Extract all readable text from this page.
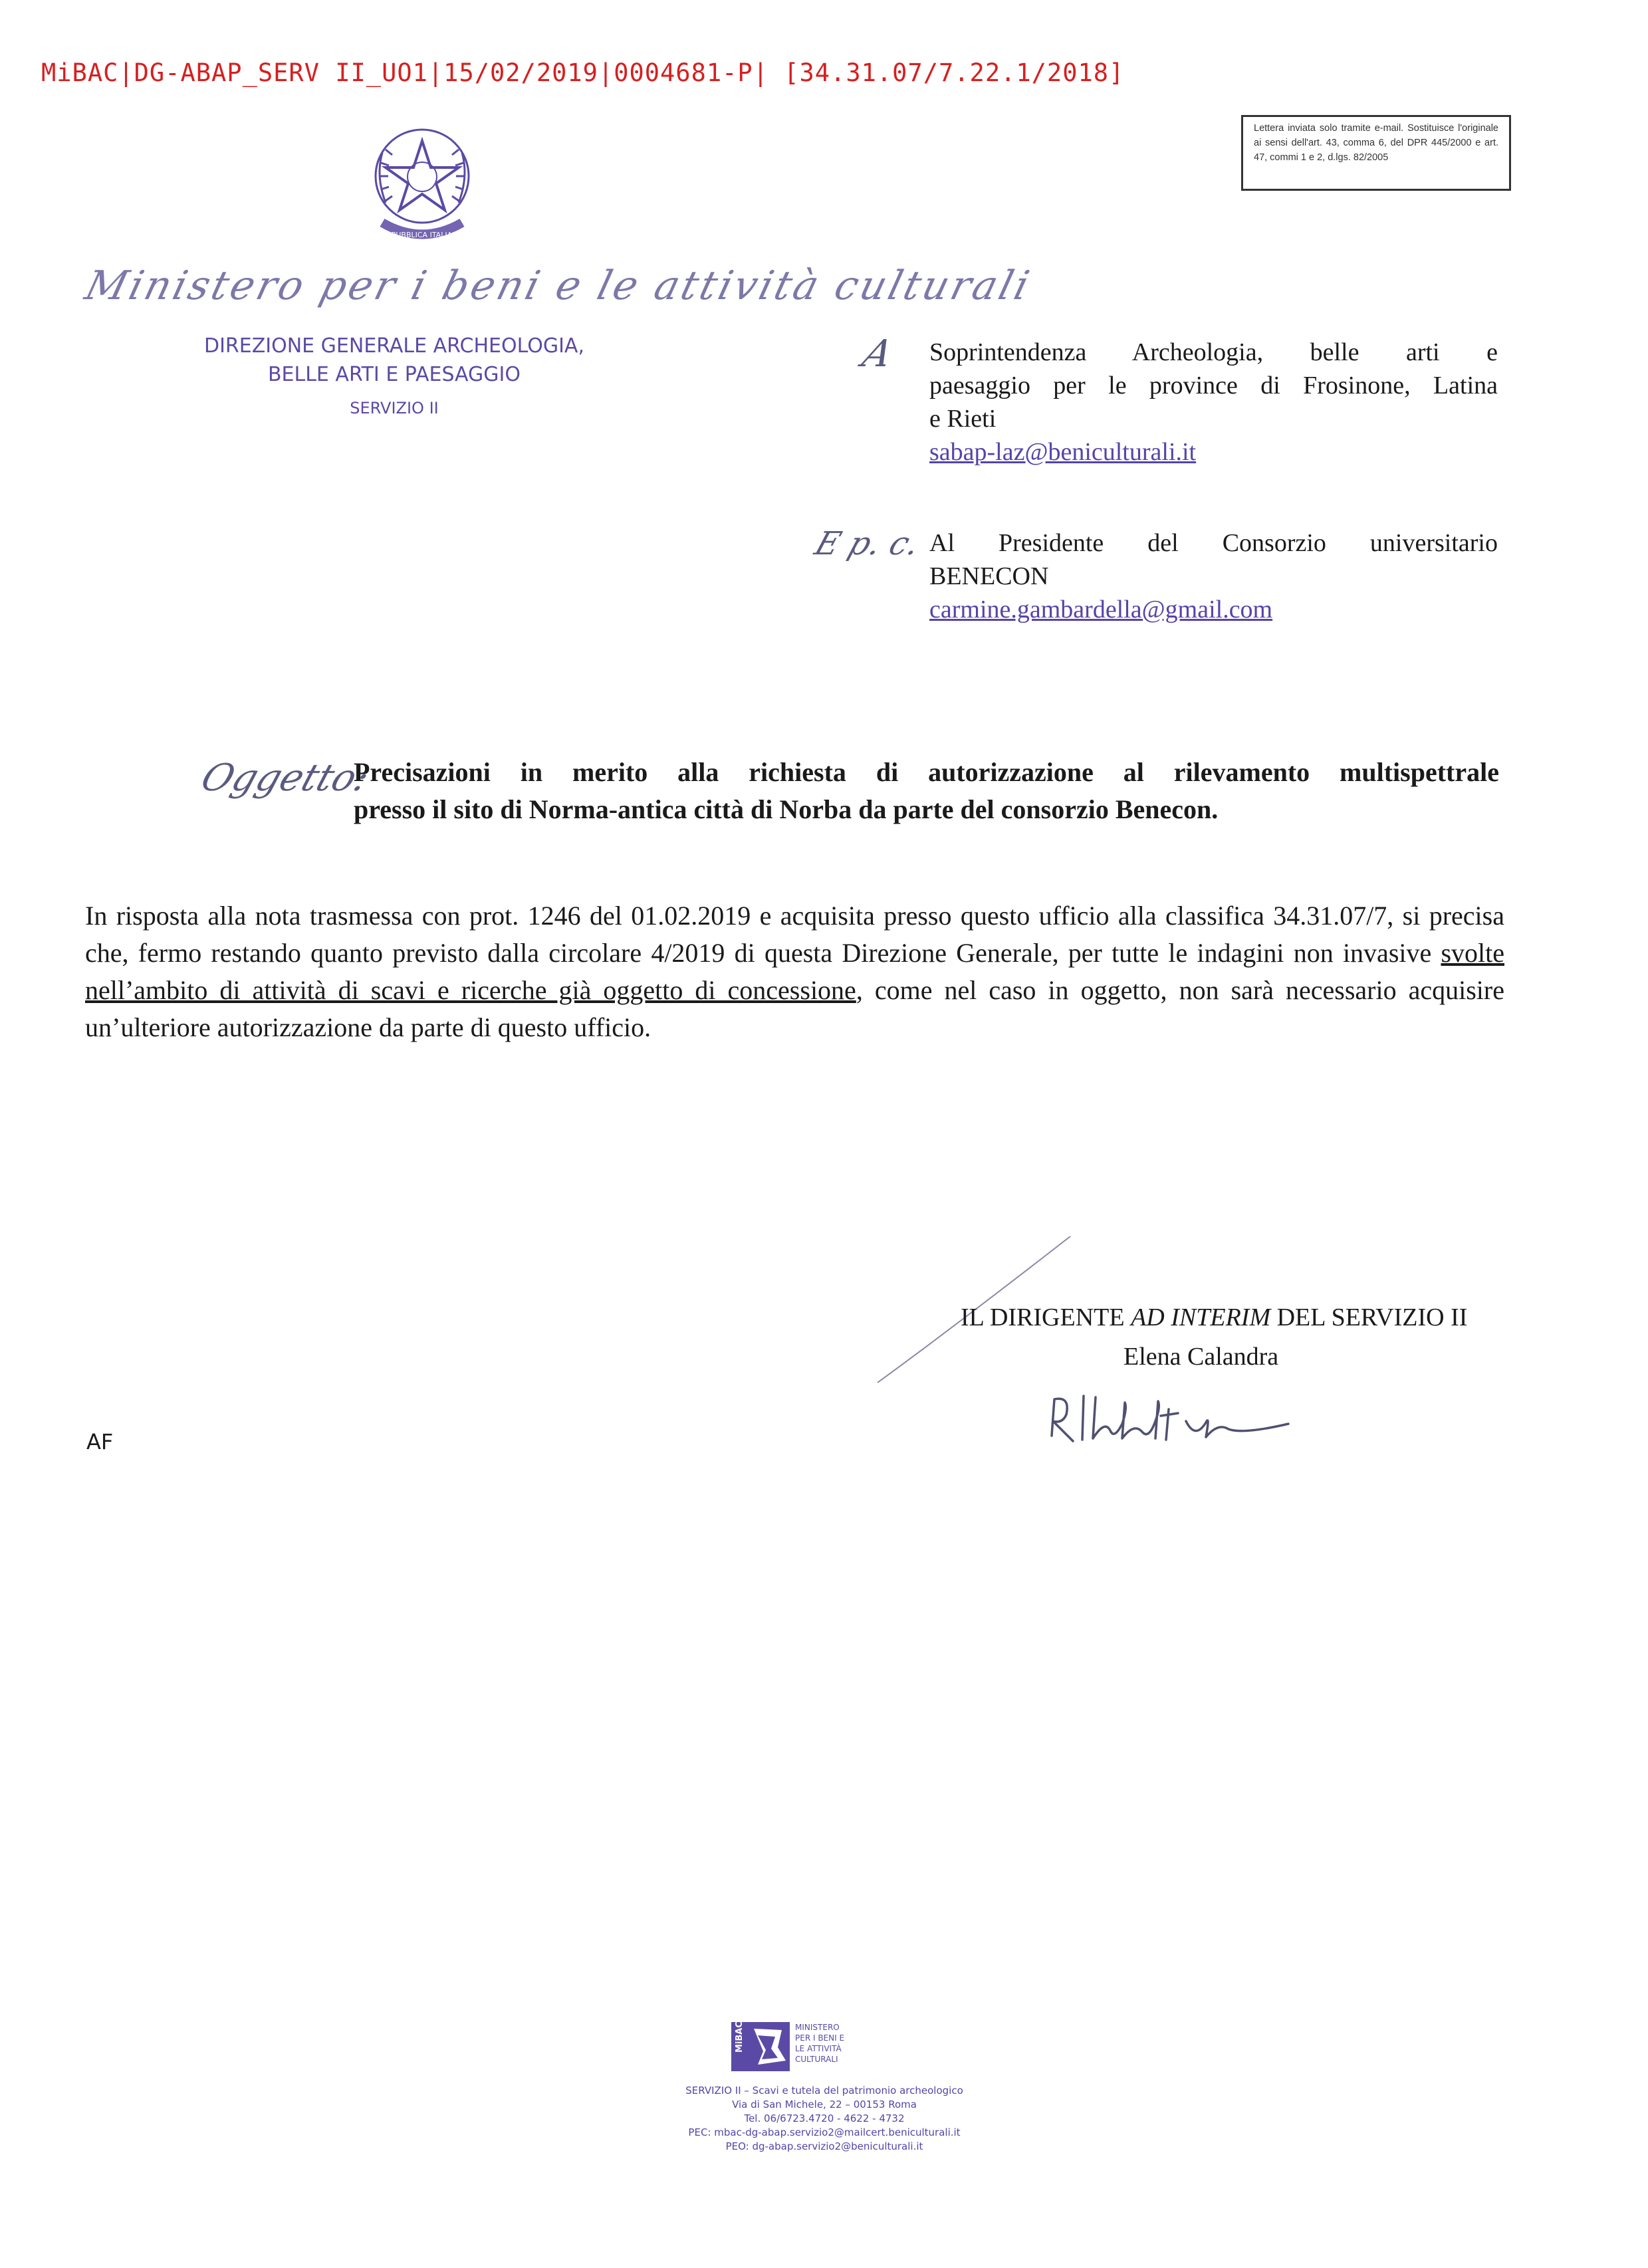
MiBAC|DG-ABAP_SERV II_UO1|15/02/2019|0004681-P| [34.31.07/7.22.1/2018]
Lettera inviata solo tramite e-mail. Sostituisce l'originale ai sensi dell'art. 43, comma 6, del DPR 445/2000 e art. 47, commi 1 e 2, d.lgs. 82/2005
REPUBBLICA ITALIANA
Ministero per i beni e le attività culturali
DIREZIONE GENERALE ARCHEOLOGIA,
BELLE ARTI E PAESAGGIO
SERVIZIO II
A Soprintendenza Archeologia, belle arti e
paesaggio per le province di Frosinone, Latina
e Rieti
sabap-laz@beniculturali.it
E p. c. Al Presidente del Consorzio universitario
BENECON
carmine.gambardella@gmail.com
Oggetto:
Precisazioni in merito alla richiesta di autorizzazione al rilevamento multispettrale
presso il sito di Norma-antica città di Norba da parte del consorzio Benecon.
In risposta alla nota trasmessa con prot. 1246 del 01.02.2019 e acquisita presso questo ufficio alla classifica 34.31.07/7, si precisa che, fermo restando quanto previsto dalla circolare 4/2019 di questa Direzione Generale, per tutte le indagini non invasive svolte nell’ambito di attività di scavi e ricerche già oggetto di concessione, come nel caso in oggetto, non sarà necessario acquisire un’ulteriore autorizzazione da parte di questo ufficio.
IL DIRIGENTE AD INTERIM DEL SERVIZIO II
Elena Calandra
AF
MiBAC	MINISTERO
PER I BENI E
LE ATTIVITÀ
CULTURALI
SERVIZIO II – Scavi e tutela del patrimonio archeologico
Via di San Michele, 22 – 00153 Roma
Tel. 06/6723.4720 - 4622 - 4732
PEC: mbac-dg-abap.servizio2@mailcert.beniculturali.it
PEO: dg-abap.servizio2@beniculturali.it
